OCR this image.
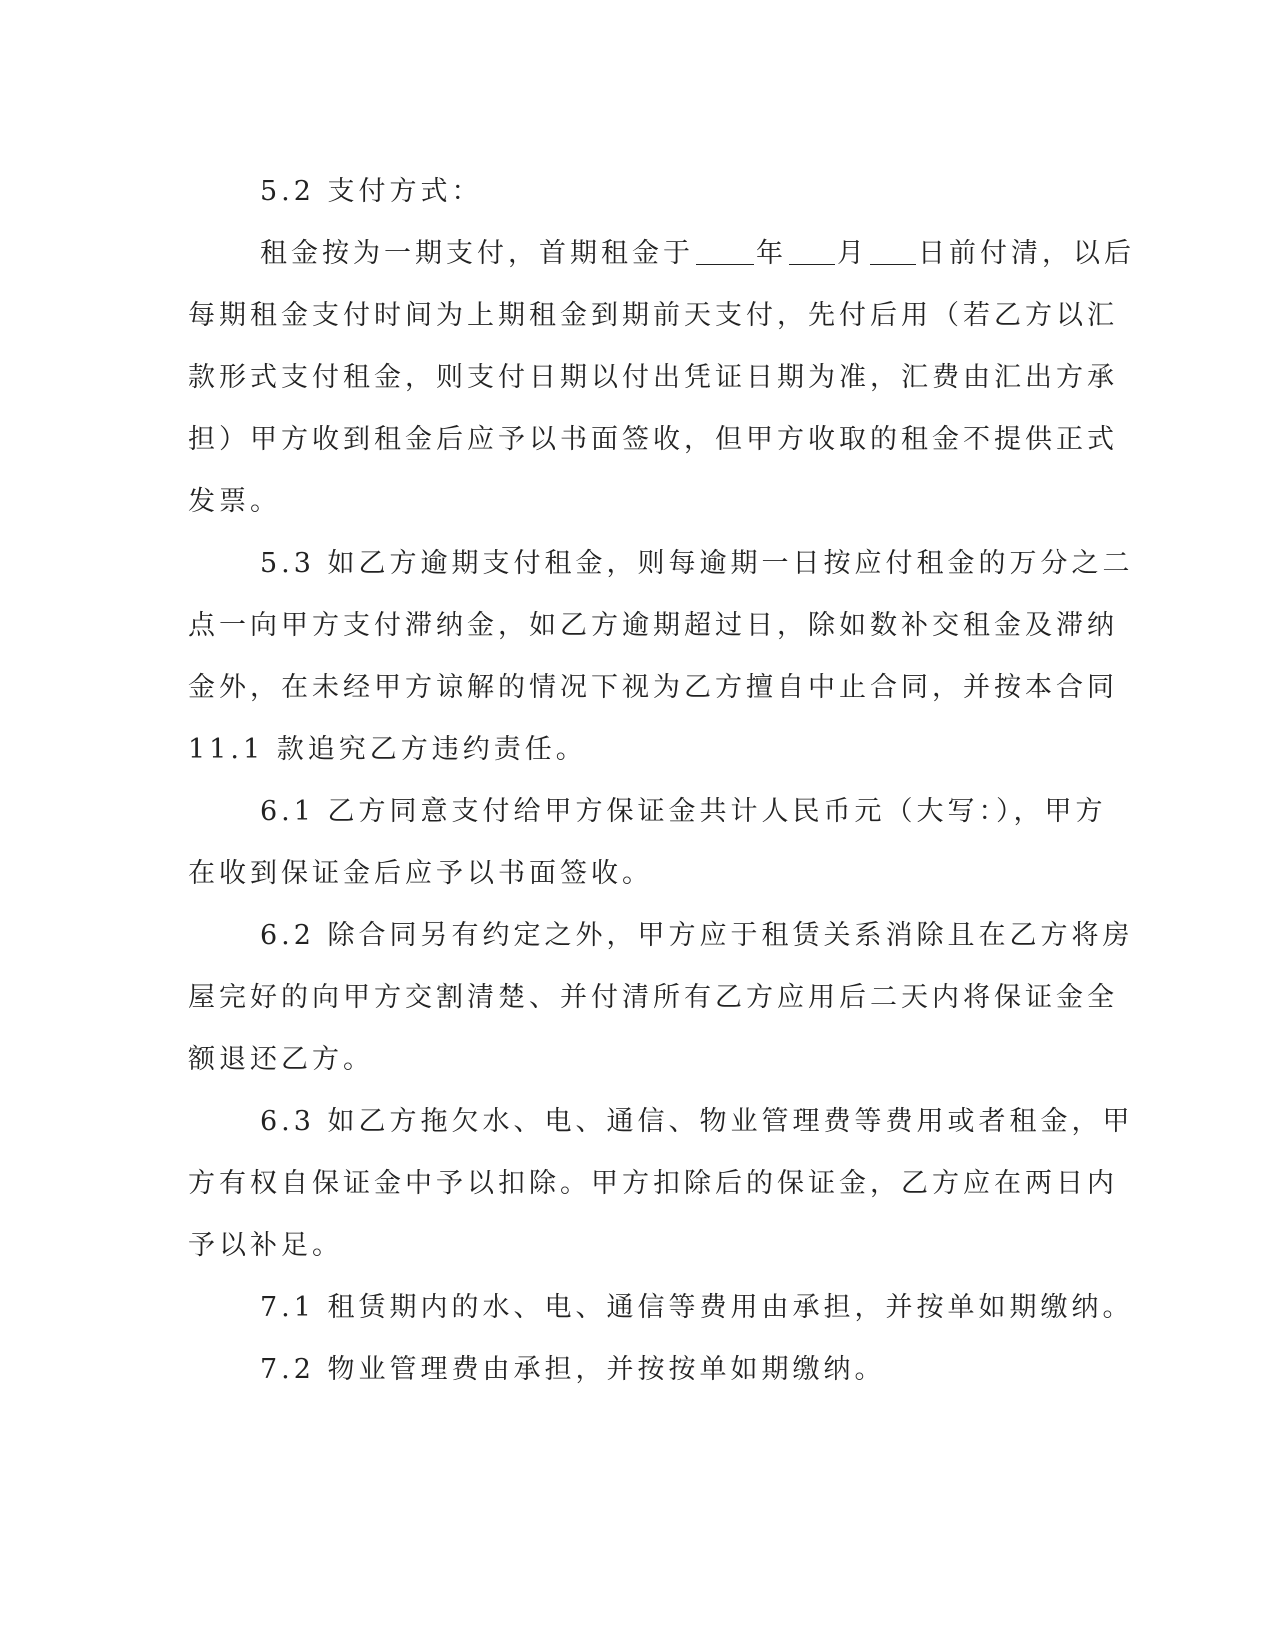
5.2 支付方式：
租金按为一期支付，首期租金于 年 月 日前付清，以后
每期租金支付时间为上期租金到期前天支付，先付后用（若乙方以汇
款形式支付租金，则支付日期以付出凭证日期为准，汇费由汇出方承
担）甲方收到租金后应予以书面签收，但甲方收取的租金不提供正式
发票。
5.3 如乙方逾期支付租金，则每逾期一日按应付租金的万分之二
点一向甲方支付滞纳金，如乙方逾期超过日，除如数补交租金及滞纳
金外，在未经甲方谅解的情况下视为乙方擅自中止合同，并按本合同
11.1 款追究乙方违约责任。
6.1 乙方同意支付给甲方保证金共计人民币元（大写：），甲方
在收到保证金后应予以书面签收。
6.2 除合同另有约定之外，甲方应于租赁关系消除且在乙方将房
屋完好的向甲方交割清楚、并付清所有乙方应用后二天内将保证金全
额退还乙方。
6.3 如乙方拖欠水、电、通信、物业管理费等费用或者租金，甲
方有权自保证金中予以扣除。甲方扣除后的保证金，乙方应在两日内
予以补足。
7.1 租赁期内的水、电、通信等费用由承担，并按单如期缴纳。
7.2 物业管理费由承担，并按按单如期缴纳。
